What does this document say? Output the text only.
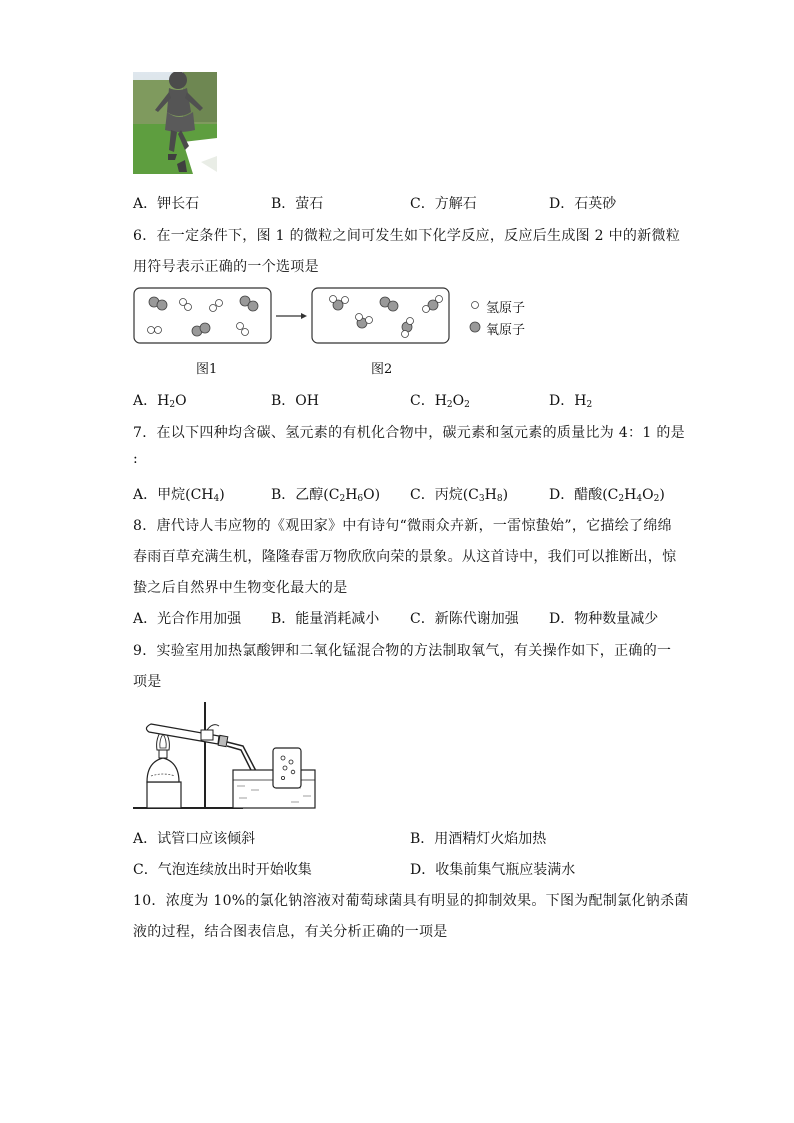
A．钾长石	B．萤石	C．方解石	D．石英砂
6．在一定条件下，图 1 的微粒之间可发生如下化学反应，反应后生成图 2 中的新微粒
用符号表示正确的一个选项是
氢原子
氧原子
图1	图2
A．$H_2O$	B．OH	C．$H_2O_2$	D．$H_2$
7．在以下四种均含碳、氢元素的有机化合物中，碳元素和氢元素的质量比为 4：1 的是
:
A．甲烷$(CH_4)$	B．乙醇$(C_2H_6O)$ C．丙烷$(C_3H_8)$	D．醋酸$(C_2H_4O_2)$
8．唐代诗人韦应物的《观田家》中有诗句“微雨众卉新，一雷惊蛰始”，它描绘了绵绵
春雨百草充满生机，隆隆春雷万物欣欣向荣的景象。从这首诗中，我们可以推断出，惊
蛰之后自然界中生物变化最大的是
A．光合作用加强 B．能量消耗减小 C．新陈代谢加强 D．物种数量减少
9．实验室用加热氯酸钾和二氧化锰混合物的方法制取氧气，有关操作如下，正确的一
项是
A．试管口应该倾斜	B．用酒精灯火焰加热
C．气泡连续放出时开始收集	D．收集前集气瓶应装满水
10．浓度为 10%的氯化钠溶液对葡萄球菌具有明显的抑制效果。下图为配制氯化钠杀菌
液的过程，结合图表信息，有关分析正确的一项是
